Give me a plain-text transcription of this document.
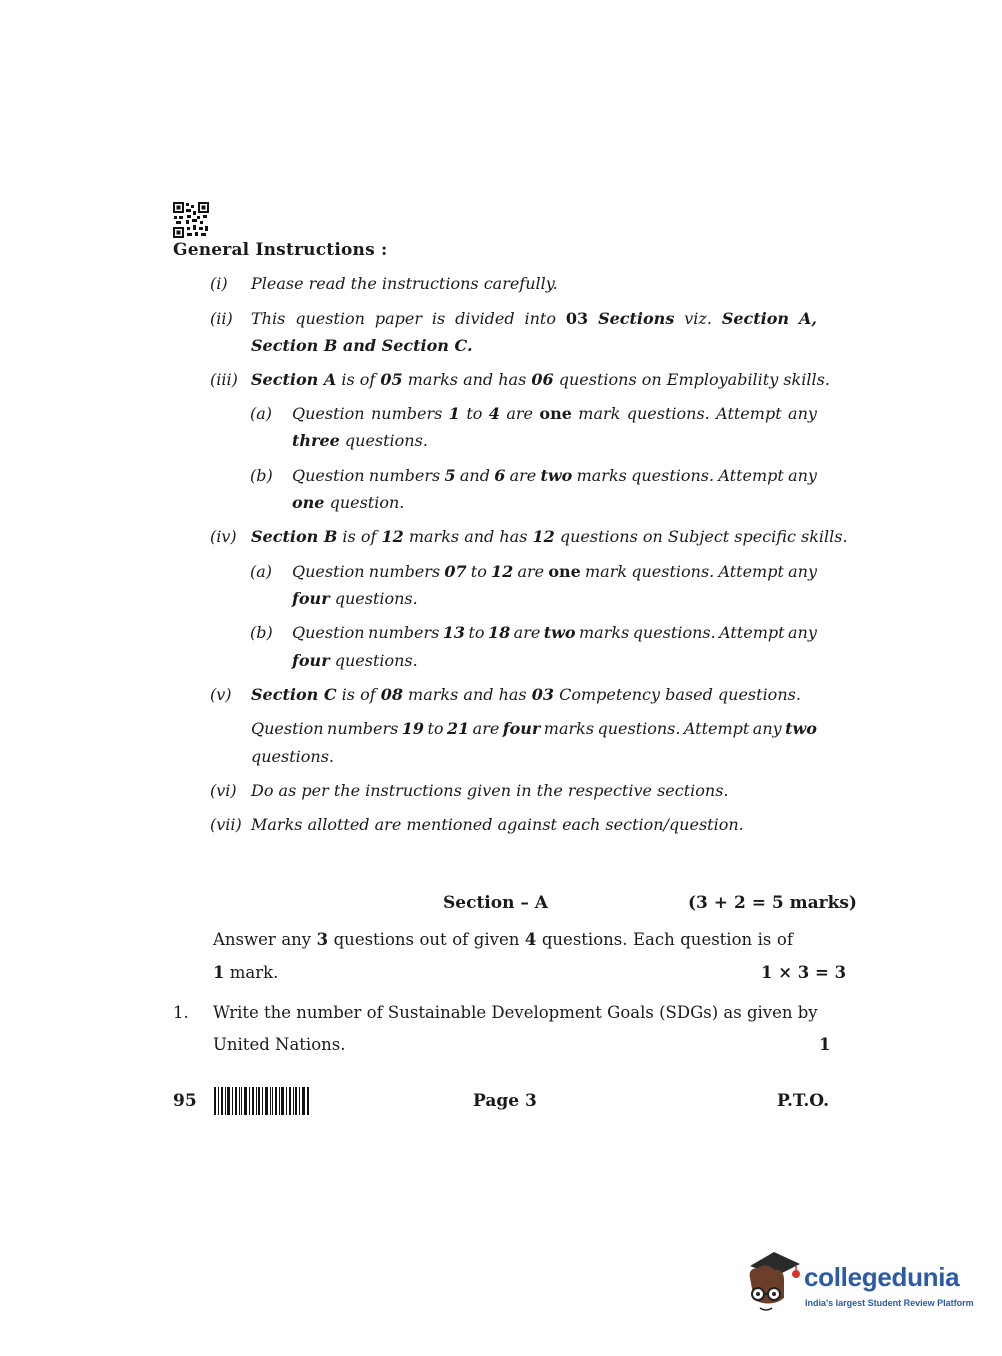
General Instructions :
(i) Please read the instructions carefully.
(ii) This question paper is divided into 03 Sections viz. Section A,
Section B and Section C.
(iii) Section A is of 05 marks and has 06 questions on Employability skills.
(a) Question numbers 1 to 4 are one mark questions. Attempt any
three questions.
(b) Question numbers 5 and 6 are two marks questions. Attempt any
one question.
(iv) Section B is of 12 marks and has 12 questions on Subject specific skills.
(a) Question numbers 07 to 12 are one mark questions. Attempt any
four questions.
(b) Question numbers 13 to 18 are two marks questions. Attempt any
four questions.
(v) Section C is of 08 marks and has 03 Competency based questions.
Question numbers 19 to 21 are four marks questions. Attempt any two
questions.
(vi) Do as per the instructions given in the respective sections.
(vii) Marks allotted are mentioned against each section/question.
Section – A	(3 + 2 = 5 marks)
Answer any 3 questions out of given 4 questions. Each question is of
1 mark.	1 × 3 = 3
1. Write the number of Sustainable Development Goals (SDGs) as given by
United Nations.	1
95	Page 3	P.T.O.
collegedunia
India's largest Student Review Platform
